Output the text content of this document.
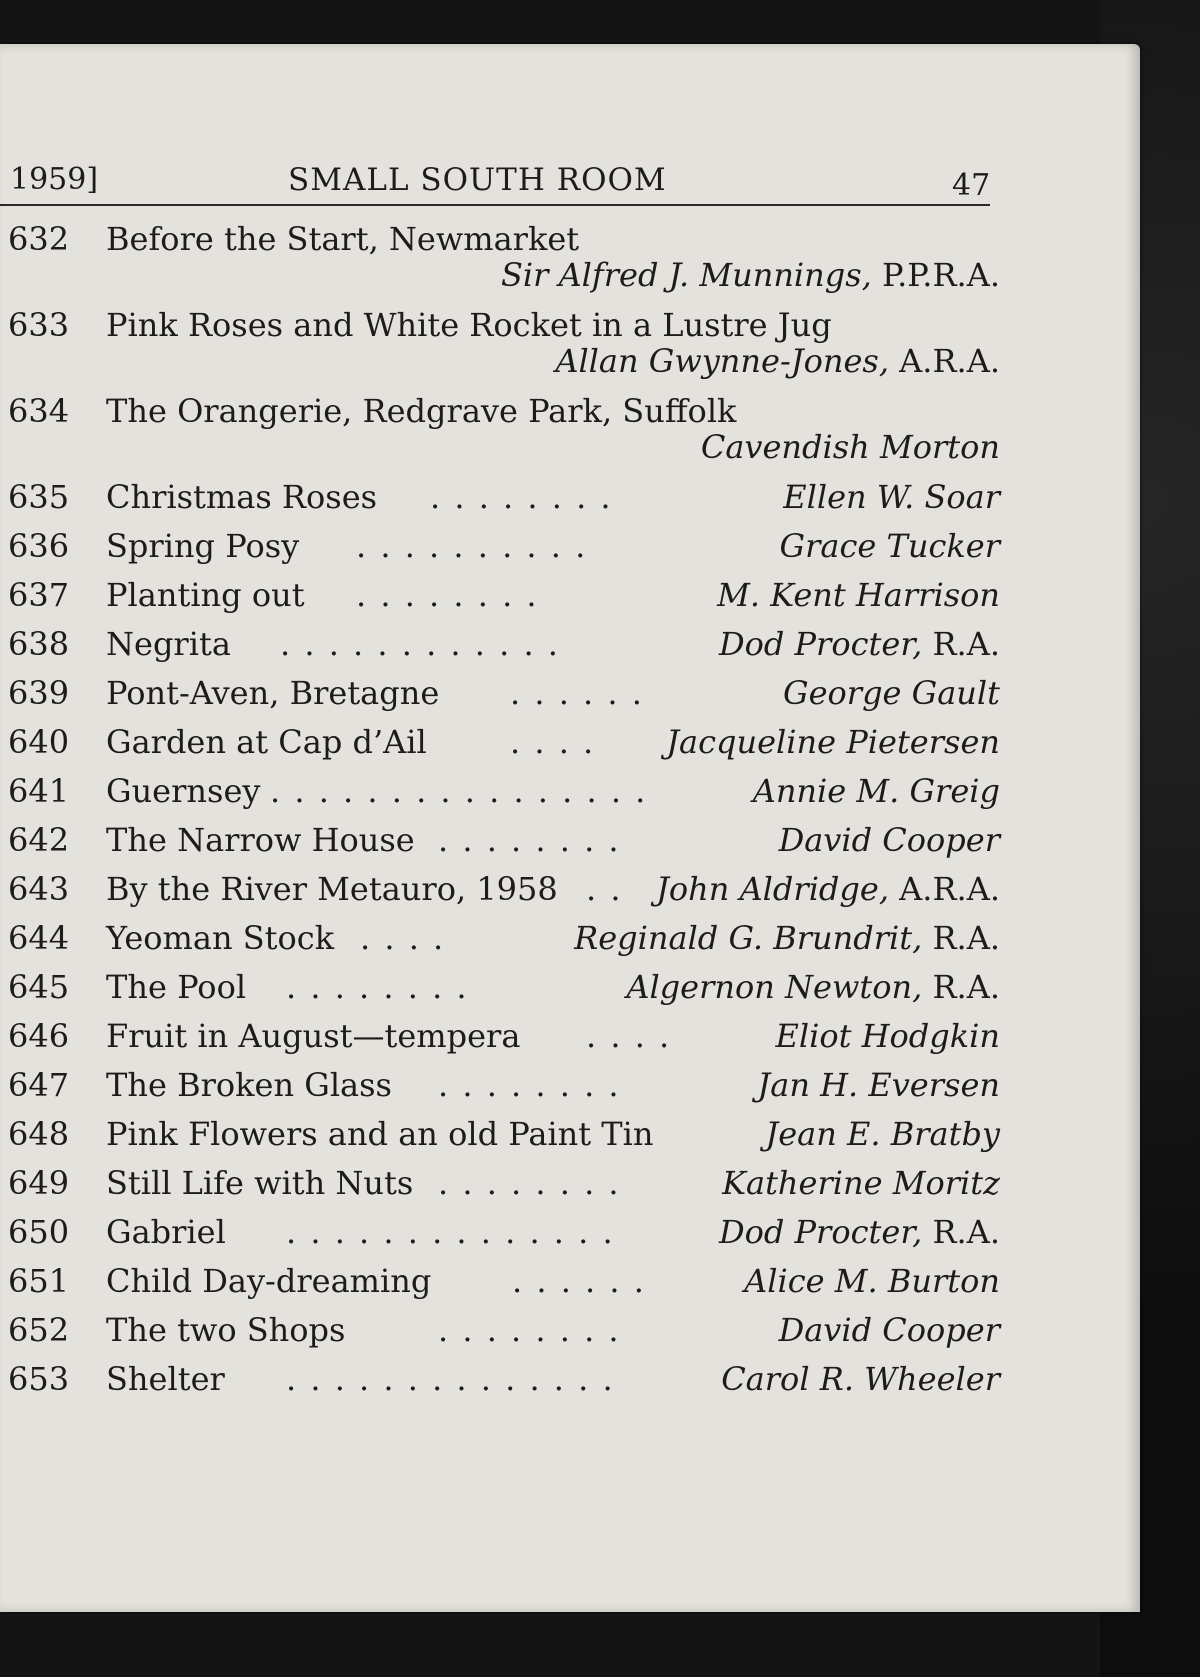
1959]	SMALL SOUTH ROOM	47
632 Before the Start, Newmarket
Sir Alfred J. Munnings, P.P.R.A.
633 Pink Roses and White Rocket in a Lustre Jug
Allan Gwynne-Jones, A.R.A.
634 The Orangerie, Redgrave Park, Suffolk
Cavendish Morton
635 Christmas Roses . . . . . . . .	Ellen W. Soar
636 Spring Posy . . . . . . . . . .	Grace Tucker
637 Planting out . . . . . . . .	M. Kent Harrison
638 Negrita . . . . . . . . . . . .	Dod Procter, R.A.
639 Pont-Aven, Bretagne . . . . . .	George Gault
640 Garden at Cap d’Ail	. . . . Jacqueline Pietersen
641 Guernsey . . . . . . . . . . . . . . . .	Annie M. Greig
642 The Narrow House . . . . . . . .	David Cooper
643 By the River Metauro, 1958 . . John Aldridge, A.R.A.
644 Yeoman Stock . . . .	Reginald G. Brundrit, R.A.
645 The Pool . . . . . . . .	Algernon Newton, R.A.
646 Fruit in August—tempera . . . .	Eliot Hodgkin
647 The Broken Glass . . . . . . . .	Jan H. Eversen
648 Pink Flowers and an old Paint Tin	Jean E. Bratby
649 Still Life with Nuts . . . . . . . .	Katherine Moritz
650 Gabriel . . . . . . . . . . . . . .	Dod Procter, R.A.
651 Child Day-dreaming	. . . . . .	Alice M. Burton
652 The two Shops	. . . . . . . .	David Cooper
653 Shelter . . . . . . . . . . . . . .	Carol R. Wheeler
